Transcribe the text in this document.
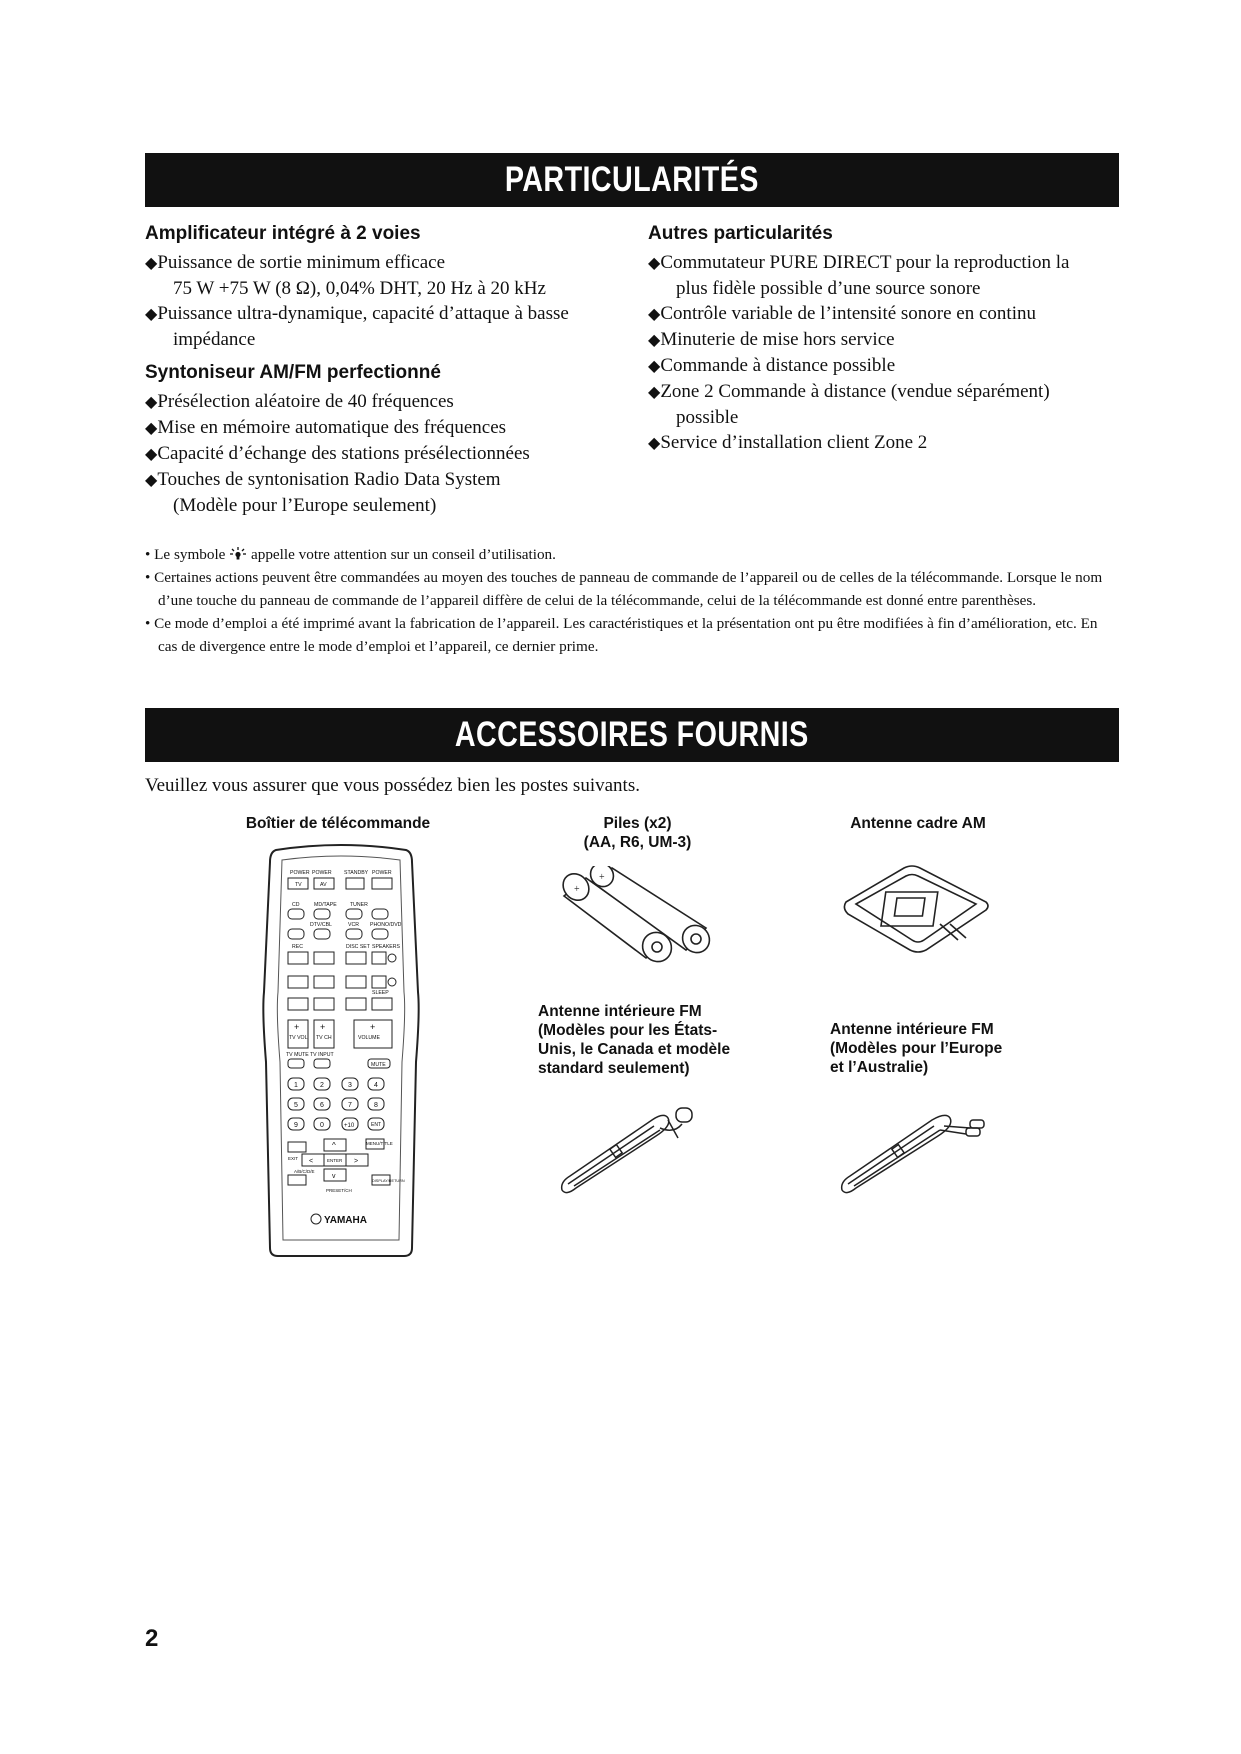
PARTICULARITÉS
Amplificateur intégré à 2 voies
◆Puissance de sortie minimum efficace
75 W +75 W (8 Ω), 0,04% DHT, 20 Hz à 20 kHz
◆Puissance ultra-dynamique, capacité d’attaque à basse
impédance
Syntoniseur AM/FM perfectionné
◆Présélection aléatoire de 40 fréquences
◆Mise en mémoire automatique des fréquences
◆Capacité d’échange des stations présélectionnées
◆Touches de syntonisation Radio Data System
(Modèle pour l’Europe seulement)
Autres particularités
◆Commutateur PURE DIRECT pour la reproduction la
plus fidèle possible d’une source sonore
◆Contrôle variable de l’intensité sonore en continu
◆Minuterie de mise hors service
◆Commande à distance possible
◆Zone 2 Commande à distance (vendue séparément)
possible
◆Service d’installation client Zone 2
• Le symbole appelle votre attention sur un conseil d’utilisation.
• Certaines actions peuvent être commandées au moyen des touches de panneau de commande de l’appareil ou de celles de la télécommande. Lorsque le nom d’une touche du panneau de commande de l’appareil diffère de celui de la télécommande, celui de la télécommande est donné entre parenthèses.
• Ce mode d’emploi a été imprimé avant la fabrication de l’appareil. Les caractéristiques et la présentation ont pu être modifiées à fin d’amélioration, etc. En cas de divergence entre le mode d’emploi et l’appareil, ce dernier prime.
ACCESSOIRES FOURNIS
Veuillez vous assurer que vous possédez bien les postes suivants.
Boîtier de télécommande
POWER POWER STANDBY POWER
TV	AV
CD	MD/TAPE	TUNER
DTV/CBL	VCR PHONO/DVD
REC	DISC SET SPEAKERS
SLEEP
+ +	+
TV VOL TV CH	VOLUME
TV MUTE TV INPUT
MUTE
1	2	3	4
5	6	7	8
9	0	+10	ENT
^
<	>
v
ENTER
MENU/TITLE
EXIT
A/B/C/D/E
DISPLAY/RETURN
PRESET/CH
YAMAHA
Piles (x2)
(AA, R6, UM-3)
+
+
Antenne cadre AM
Antenne intérieure FM
(Modèles pour les États-
Unis, le Canada et modèle
standard seulement)
Antenne intérieure FM
(Modèles pour l’Europe
et l’Australie)
2
